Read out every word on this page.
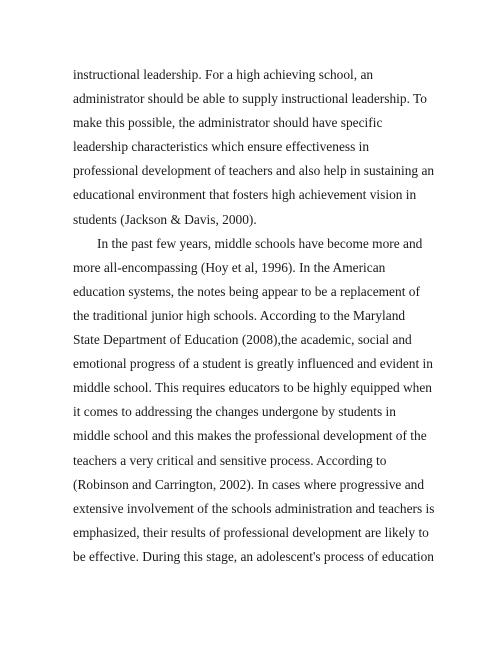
instructional leadership. For a high achieving school, an
administrator should be able to supply instructional leadership. To
make this possible, the administrator should have specific
leadership characteristics which ensure effectiveness in
professional development of teachers and also help in sustaining an
educational environment that fosters high achievement vision in
students (Jackson & Davis, 2000).
In the past few years, middle schools have become more and
more all-encompassing (Hoy et al, 1996). In the American
education systems, the notes being appear to be a replacement of
the traditional junior high schools. According to the Maryland
State Department of Education (2008),the academic, social and
emotional progress of a student is greatly influenced and evident in
middle school. This requires educators to be highly equipped when
it comes to addressing the changes undergone by students in
middle school and this makes the professional development of the
teachers a very critical and sensitive process. According to
(Robinson and Carrington, 2002). In cases where progressive and
extensive involvement of the schools administration and teachers is
emphasized, their results of professional development are likely to
be effective. During this stage, an adolescent's process of education
